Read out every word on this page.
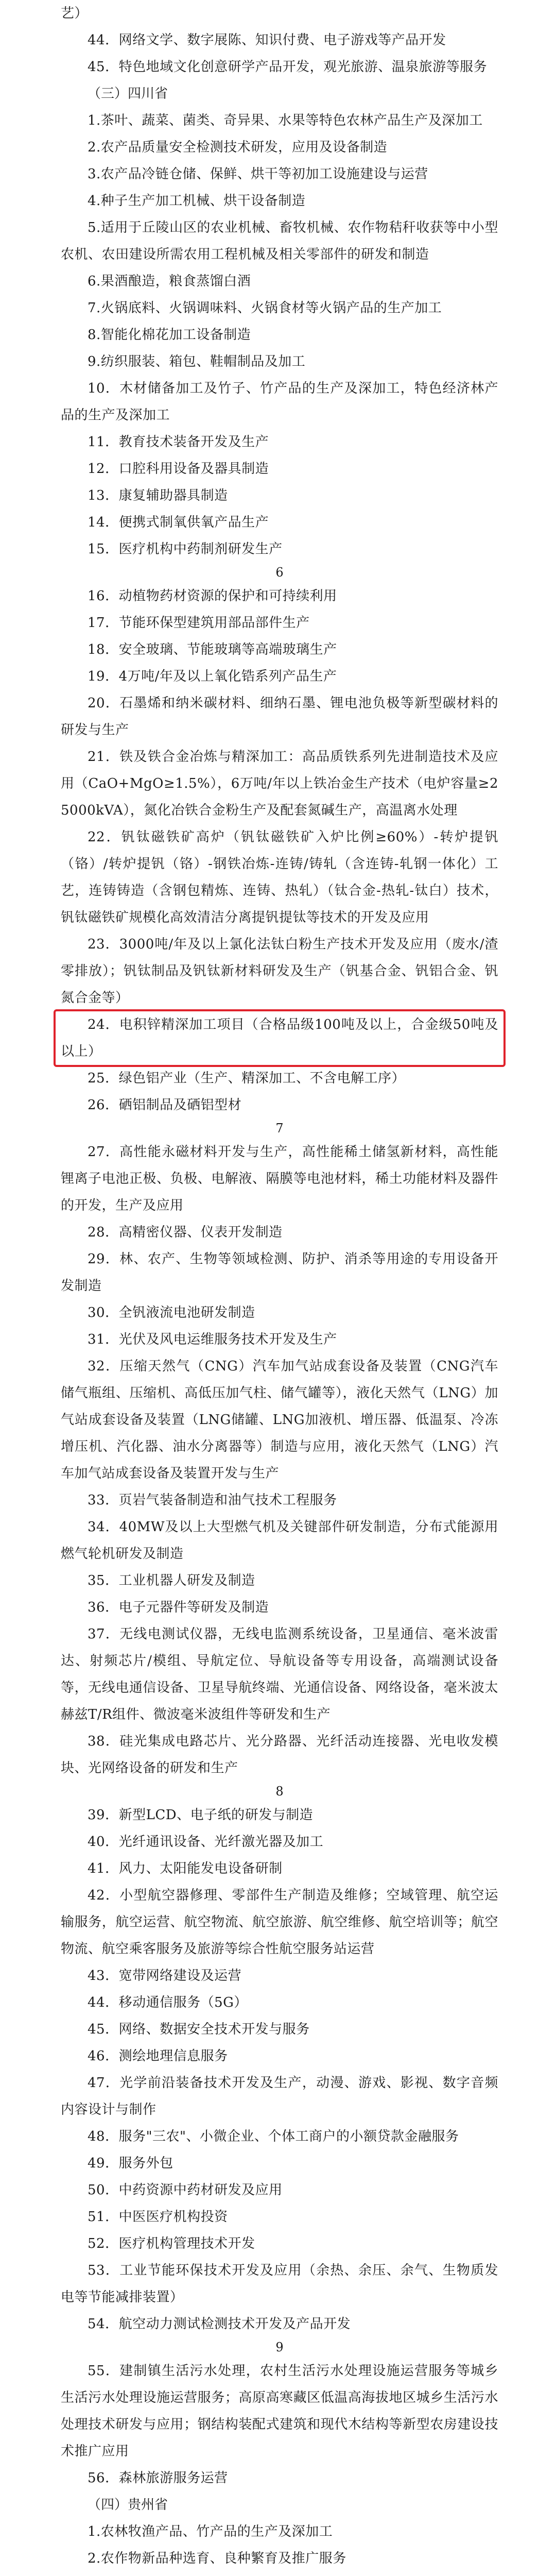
艺）

44．网络文学、数字展陈、知识付费、电子游戏等产品开发

45．特色地域文化创意研学产品开发，观光旅游、温泉旅游等服务

（三）四川省

1.茶叶、蔬菜、菌类、奇异果、水果等特色农林产品生产及深加工

2.农产品质量安全检测技术研发，应用及设备制造

3.农产品冷链仓储、保鲜、烘干等初加工设施建设与运营

4.种子生产加工机械、烘干设备制造

5.适用于丘陵山区的农业机械、畜牧机械、农作物秸秆收获等中小型农机、农田建设所需农用工程机械及相关零部件的研发和制造

6.果酒酿造，粮食蒸馏白酒

7.火锅底料、火锅调味料、火锅食材等火锅产品的生产加工

8.智能化棉花加工设备制造

9.纺织服装、箱包、鞋帽制品及加工

10．木材储备加工及竹子、竹产品的生产及深加工，特色经济林产品的生产及深加工

11．教育技术装备开发及生产

12．口腔科用设备及器具制造

13．康复辅助器具制造

14．便携式制氧供氧产品生产

15．医疗机构中药制剂研发生产

6

16．动植物药材资源的保护和可持续利用

17．节能环保型建筑用部品部件生产

18．安全玻璃、节能玻璃等高端玻璃生产

19．4万吨/年及以上氧化锆系列产品生产

20．石墨烯和纳米碳材料、细纳石墨、锂电池负极等新型碳材料的研发与生产

21．铁及铁合金冶炼与精深加工：高品质铁系列先进制造技术及应用（CaO+MgO≥1.5%），6万吨/年以上铁冶金生产技术（电炉容量≥25000kVA），氮化冶铁合金粉生产及配套氮碱生产，高温离水处理

22．钒钛磁铁矿高炉（钒钛磁铁矿入炉比例≥60%）-转炉提钒（铬）/转炉提钒（铬）-钢铁冶炼-连铸/铸轧（含连铸-轧钢一体化）工艺，连铸铸造（含钢包精炼、连铸、热轧）（钛合金-热轧-钛白）技术，钒钛磁铁矿规模化高效清洁分离提钒提钛等技术的开发及应用

23．3000吨/年及以上氯化法钛白粉生产技术开发及应用（废水/渣零排放）；钒钛制品及钒钛新材料研发及生产（钒基合金、钒铝合金、钒氮合金等）

24．电积锌精深加工项目（合格品级100吨及以上，合金级50吨及以上）

25．绿色铝产业（生产、精深加工、不含电解工序）

26．硒铝制品及硒铝型材

7

27．高性能永磁材料开发与生产，高性能稀土储氢新材料，高性能锂离子电池正极、负极、电解液、隔膜等电池材料，稀土功能材料及器件的开发，生产及应用

28．高精密仪器、仪表开发制造

29．林、农产、生物等领域检测、防护、消杀等用途的专用设备开发制造

30．全钒液流电池研发制造

31．光伏及风电运维服务技术开发及生产

32．压缩天然气（CNG）汽车加气站成套设备及装置（CNG汽车储气瓶组、压缩机、高低压加气柱、储气罐等），液化天然气（LNG）加气站成套设备及装置（LNG储罐、LNG加液机、增压器、低温泵、冷冻增压机、汽化器、油水分离器等）制造与应用，液化天然气（LNG）汽车加气站成套设备及装置开发与生产

33．页岩气装备制造和油气技术工程服务

34．40MW及以上大型燃气机及关键部件研发制造，分布式能源用燃气轮机研发及制造

35．工业机器人研发及制造

36．电子元器件等研发及制造

37．无线电测试仪器，无线电监测系统设备，卫星通信、毫米波雷达、射频芯片/模组、导航定位、导航设备等专用设备，高端测试设备等，无线电通信设备、卫星导航终端、光通信设备、网络设备，毫米波太赫兹T/R组件、微波毫米波组件等研发和生产

38．硅光集成电路芯片、光分路器、光纤活动连接器、光电收发模块、光网络设备的研发和生产

8

39．新型LCD、电子纸的研发与制造

40．光纤通讯设备、光纤激光器及加工

41．风力、太阳能发电设备研制

42．小型航空器修理、零部件生产制造及维修；空域管理、航空运输服务，航空运营、航空物流、航空旅游、航空维修、航空培训等；航空物流、航空乘客服务及旅游等综合性航空服务站运营

43．宽带网络建设及运营

44．移动通信服务（5G）

45．网络、数据安全技术开发与服务

46．测绘地理信息服务

47．光学前沿装备技术开发及生产，动漫、游戏、影视、数字音频内容设计与制作

48．服务"三农"、小微企业、个体工商户的小额贷款金融服务

49．服务外包

50．中药资源中药材研发及应用

51．中医医疗机构投资

52．医疗机构管理技术开发

53．工业节能环保技术开发及应用（余热、余压、余气、生物质发电等节能减排装置）

54．航空动力测试检测技术开发及产品开发

9

55．建制镇生活污水处理，农村生活污水处理设施运营服务等城乡生活污水处理设施运营服务；高原高寒藏区低温高海拔地区城乡生活污水处理技术研发与应用；钢结构装配式建筑和现代木结构等新型农房建设技术推广应用

56．森林旅游服务运营

（四）贵州省

1.农林牧渔产品、竹产品的生产及深加工

2.农作物新品种选育、良种繁育及推广服务
